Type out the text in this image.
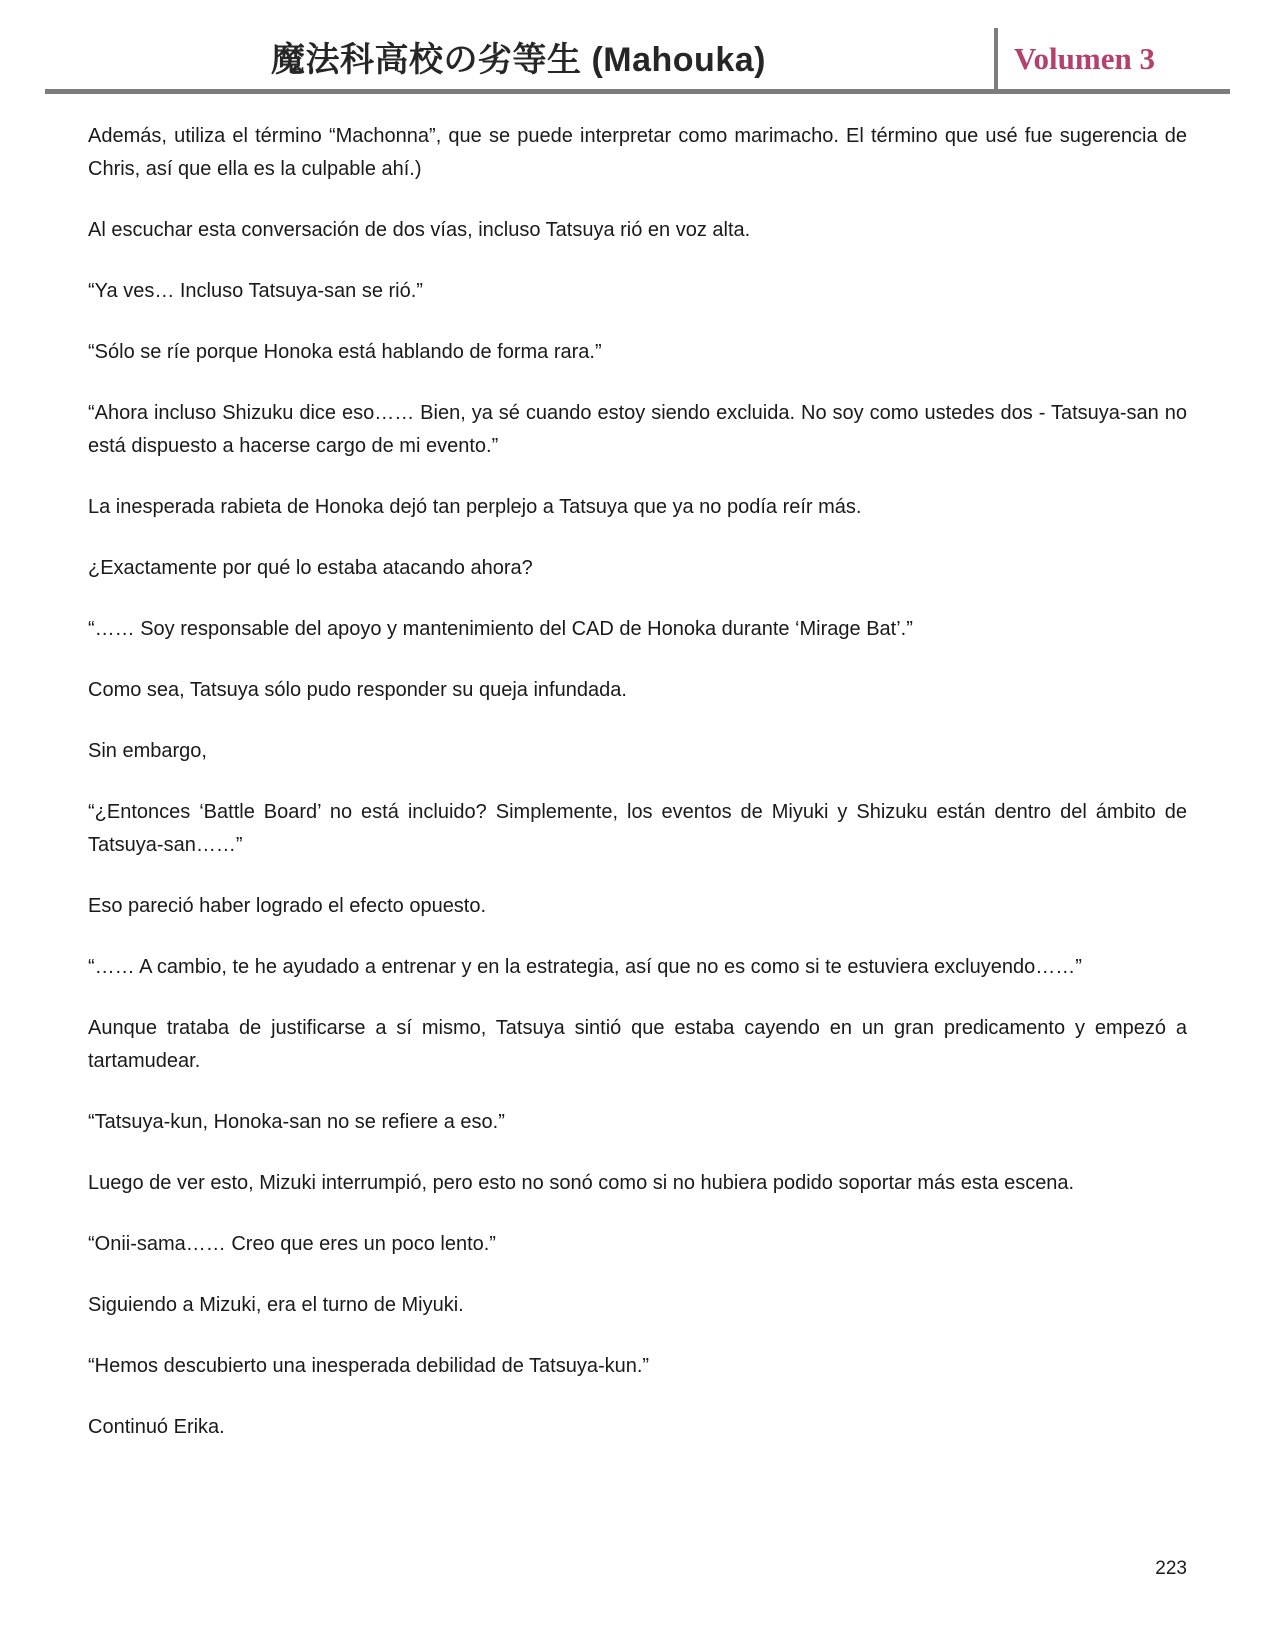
魔法科高校の劣等生 (Mahouka)	Volumen 3

Además, utiliza el término “Machonna”, que se puede interpretar como marimacho. El término que usé fue sugerencia de Chris, así que ella es la culpable ahí.)

Al escuchar esta conversación de dos vías, incluso Tatsuya rió en voz alta.

“Ya ves… Incluso Tatsuya-san se rió.”

“Sólo se ríe porque Honoka está hablando de forma rara.”

“Ahora incluso Shizuku dice eso…… Bien, ya sé cuando estoy siendo excluida. No soy como ustedes dos - Tatsuya-san no está dispuesto a hacerse cargo de mi evento.”

La inesperada rabieta de Honoka dejó tan perplejo a Tatsuya que ya no podía reír más.

¿Exactamente por qué lo estaba atacando ahora?

“…… Soy responsable del apoyo y mantenimiento del CAD de Honoka durante ‘Mirage Bat’.”

Como sea, Tatsuya sólo pudo responder su queja infundada.

Sin embargo,

“¿Entonces ‘Battle Board’ no está incluido? Simplemente, los eventos de Miyuki y Shizuku están dentro del ámbito de Tatsuya-san……”

Eso pareció haber logrado el efecto opuesto.

“…… A cambio, te he ayudado a entrenar y en la estrategia, así que no es como si te estuviera excluyendo……”

Aunque trataba de justificarse a sí mismo, Tatsuya sintió que estaba cayendo en un gran predicamento y empezó a tartamudear.

“Tatsuya-kun, Honoka-san no se refiere a eso.”

Luego de ver esto, Mizuki interrumpió, pero esto no sonó como si no hubiera podido soportar más esta escena.

“Onii-sama…… Creo que eres un poco lento.”

Siguiendo a Mizuki, era el turno de Miyuki.

“Hemos descubierto una inesperada debilidad de Tatsuya-kun.”

Continuó Erika.

223
